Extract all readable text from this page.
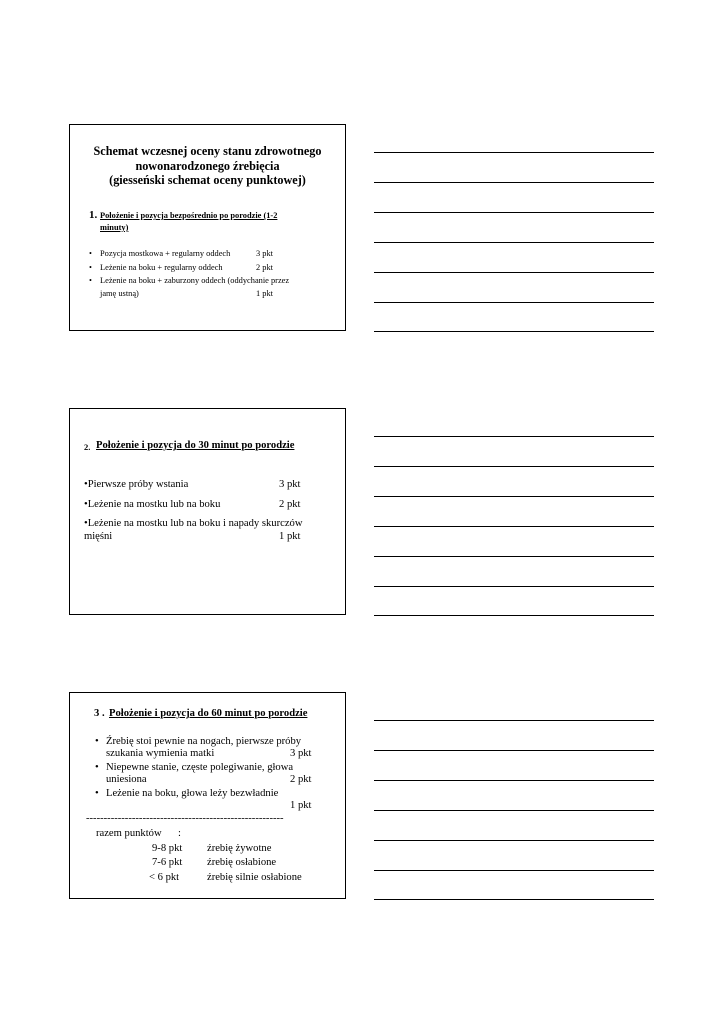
Schemat wczesnej oceny stanu zdrowotnego
nowonarodzonego źrebięcia
(giesseński schemat oceny punktowej)
1. Położenie i pozycja bezpośrednio po porodzie (1-2
minuty)
• Pozycja mostkowa + regularny oddech	3 pkt
• Leżenie na boku + regularny oddech	2 pkt
• Leżenie na boku + zaburzony oddech (oddychanie przez
jamę ustną)	1 pkt
2. Położenie i pozycja do 30 minut po porodzie
•Pierwsze próby wstania	3 pkt
•Leżenie na mostku lub na boku	2 pkt
•Leżenie na mostku lub na boku i napady skurczów
mięśni	1 pkt
3 . Położenie i pozycja do 60 minut po porodzie
• Źrebię stoi pewnie na nogach, pierwsze próby
szukania wymienia matki	3 pkt
• Niepewne stanie, częste polegiwanie, głowa
uniesiona	2 pkt
• Leżenie na boku, głowa leży bezwładnie
1 pkt
--------------------------------------------------------
razem punktów :
9-8 pkt źrebię żywotne
7-6 pkt źrebię osłabione
< 6 pkt	źrebię silnie osłabione
